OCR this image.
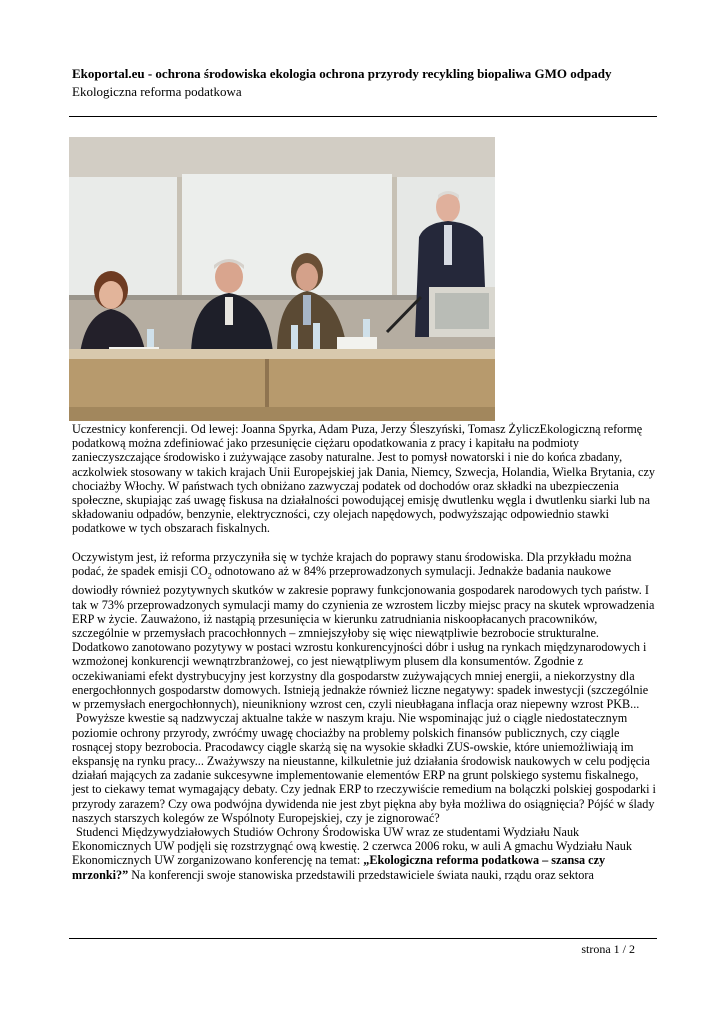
Ekoportal.eu - ochrona środowiska ekologia ochrona przyrody recykling biopaliwa GMO odpady
Ekologiczna reforma podatkowa

Uczestnicy konferencji. Od lewej: Joanna Spyrka, Adam Puza, Jerzy Śleszyński, Tomasz ŻyliczEkologiczną reformę podatkową można zdefiniować jako przesunięcie ciężaru opodatkowania z pracy i kapitału na podmioty zanieczyszczające środowisko i zużywające zasoby naturalne. Jest to pomysł nowatorski i nie do końca zbadany, aczkolwiek stosowany w takich krajach Unii Europejskiej jak Dania, Niemcy, Szwecja, Holandia, Wielka Brytania, czy chociażby Włochy. W państwach tych obniżano zazwyczaj podatek od dochodów oraz składki na ubezpieczenia społeczne, skupiając zaś uwagę fiskusa na działalności powodującej emisję dwutlenku węgla i dwutlenku siarki lub na składowaniu odpadów, benzynie, elektryczności, czy olejach napędowych, podwyższając odpowiednio stawki podatkowe w tych obszarach fiskalnych.

Oczywistym jest, iż reforma przyczyniła się w tychże krajach do poprawy stanu środowiska. Dla przykładu można podać, że spadek emisji $CO_2$ odnotowano aż w 84% przeprowadzonych symulacji. Jednakże badania naukowe dowiodły również pozytywnych skutków w zakresie poprawy funkcjonowania gospodarek narodowych tych państw. I tak w 73% przeprowadzonych symulacji mamy do czynienia ze wzrostem liczby miejsc pracy na skutek wprowadzenia ERP w życie. Zauważono, iż nastąpią przesunięcia w kierunku zatrudniania niskoopłacanych pracowników, szczególnie w przemysłach pracochłonnych – zmniejszyłoby się więc niewątpliwie bezrobocie strukturalne. Dodatkowo zanotowano pozytywy w postaci wzrostu konkurencyjności dóbr i usług na rynkach międzynarodowych i wzmożonej konkurencji wewnątrzbranżowej, co jest niewątpliwym plusem dla konsumentów. Zgodnie z oczekiwaniami efekt dystrybucyjny jest korzystny dla gospodarstw zużywających mniej energii, a niekorzystny dla energochłonnych gospodarstw domowych. Istnieją jednakże również liczne negatywy: spadek inwestycji (szczególnie w przemysłach energochłonnych), nieunikniony wzrost cen, czyli nieubłagana inflacja oraz niepewny wzrost PKB...

Powyższe kwestie są nadzwyczaj aktualne także w naszym kraju. Nie wspominając już o ciągle niedostatecznym poziomie ochrony przyrody, zwróćmy uwagę chociażby na problemy polskich finansów publicznych, czy ciągle rosnącej stopy bezrobocia. Pracodawcy ciągle skarżą się na wysokie składki ZUS-owskie, które uniemożliwiają im ekspansję na rynku pracy... Zważywszy na nieustanne, kilkuletnie już działania środowisk naukowych w celu podjęcia działań mających za zadanie sukcesywne implementowanie elementów ERP na grunt polskiego systemu fiskalnego, jest to ciekawy temat wymagający debaty. Czy jednak ERP to rzeczywiście remedium na bolączki polskiej gospodarki i przyrody zarazem? Czy owa podwójna dywidenda nie jest zbyt piękna aby była możliwa do osiągnięcia? Pójść w ślady naszych starszych kolegów ze Wspólnoty Europejskiej, czy je zignorować?

Studenci Międzywydziałowych Studiów Ochrony Środowiska UW wraz ze studentami Wydziału Nauk Ekonomicznych UW podjęli się rozstrzygnąć ową kwestię. 2 czerwca 2006 roku, w auli A gmachu Wydziału Nauk Ekonomicznych UW zorganizowano konferencję na temat: „Ekologiczna reforma podatkowa – szansa czy mrzonki?” Na konferencji swoje stanowiska przedstawili przedstawiciele świata nauki, rządu oraz sektora

strona 1 / 2
